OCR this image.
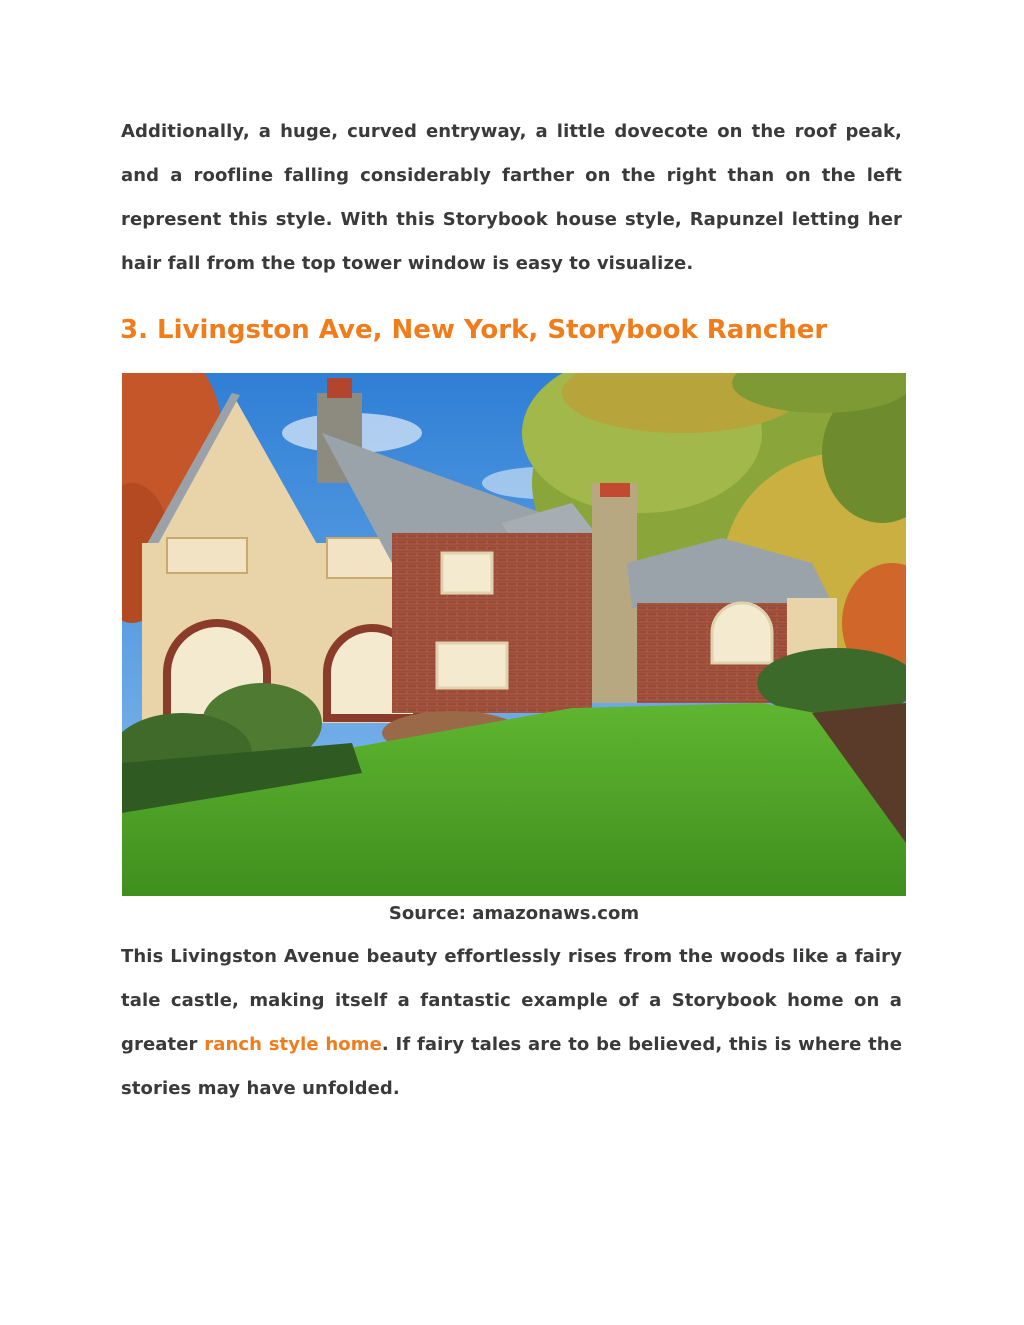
Additionally, a huge, curved entryway, a little dovecote on the roof peak, and a roofline falling considerably farther on the right than on the left represent this style. With this Storybook house style, Rapunzel letting her hair fall from the top tower window is easy to visualize.

3. Livingston Ave, New York, Storybook Rancher
Source: amazonaws.com

This Livingston Avenue beauty effortlessly rises from the woods like a fairy tale castle, making itself a fantastic example of a Storybook home on a greater ranch style home. If fairy tales are to be believed, this is where the stories may have unfolded.
